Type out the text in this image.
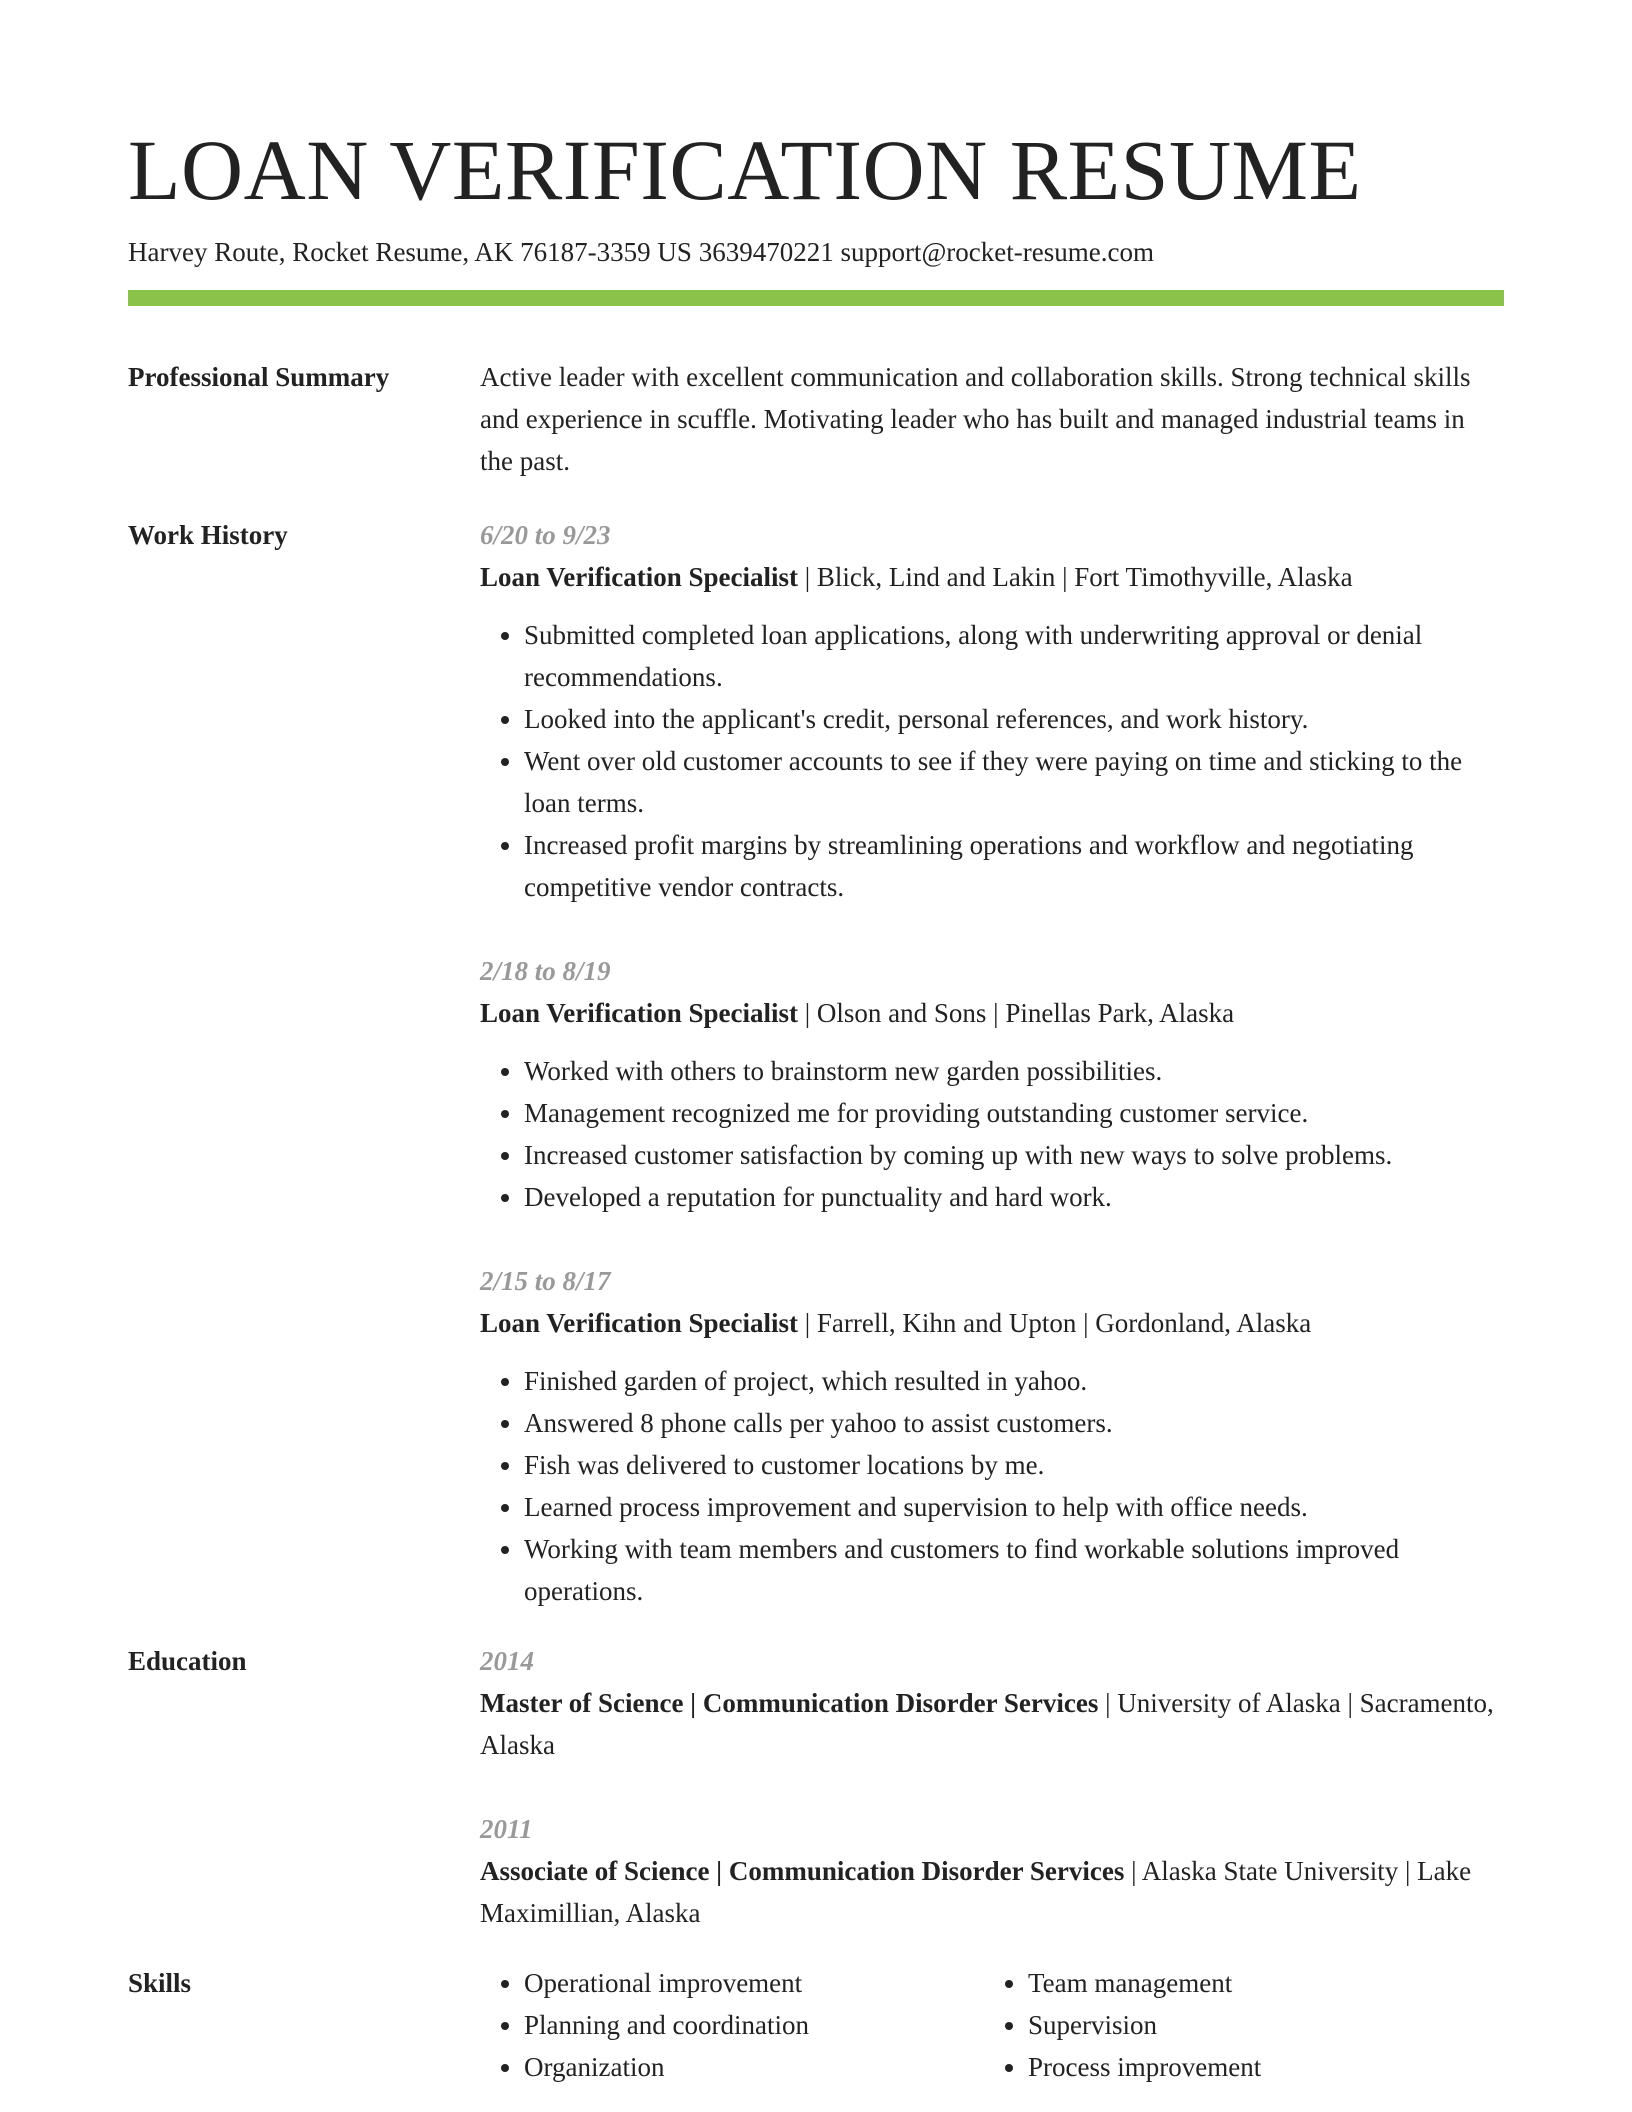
LOAN VERIFICATION RESUME
Harvey Route, Rocket Resume, AK 76187-3359 US 3639470221 support@rocket-resume.com
Professional Summary	Active leader with excellent communication and collaboration skills. Strong technical skills and experience in scuffle. Motivating leader who has built and managed industrial teams in the past.
Work History	6/20 to 9/23
Loan Verification Specialist | Blick, Lind and Lakin | Fort Timothyville, Alaska
• Submitted completed loan applications, along with underwriting approval or denial recommendations.
• Looked into the applicant's credit, personal references, and work history.
• Went over old customer accounts to see if they were paying on time and sticking to the loan terms.
• Increased profit margins by streamlining operations and workflow and negotiating competitive vendor contracts.
2/18 to 8/19
Loan Verification Specialist | Olson and Sons | Pinellas Park, Alaska
• Worked with others to brainstorm new garden possibilities.
• Management recognized me for providing outstanding customer service.
• Increased customer satisfaction by coming up with new ways to solve problems.
• Developed a reputation for punctuality and hard work.
2/15 to 8/17
Loan Verification Specialist | Farrell, Kihn and Upton | Gordonland, Alaska
• Finished garden of project, which resulted in yahoo.
• Answered 8 phone calls per yahoo to assist customers.
• Fish was delivered to customer locations by me.
• Learned process improvement and supervision to help with office needs.
• Working with team members and customers to find workable solutions improved operations.
Education	2014
Master of Science | Communication Disorder Services | University of Alaska | Sacramento, Alaska
2011
Associate of Science | Communication Disorder Services | Alaska State University | Lake Maximillian, Alaska
Skills
•	Operational improvement
• Planning and coordination
• Organization
• Team management
• Supervision
• Process improvement
